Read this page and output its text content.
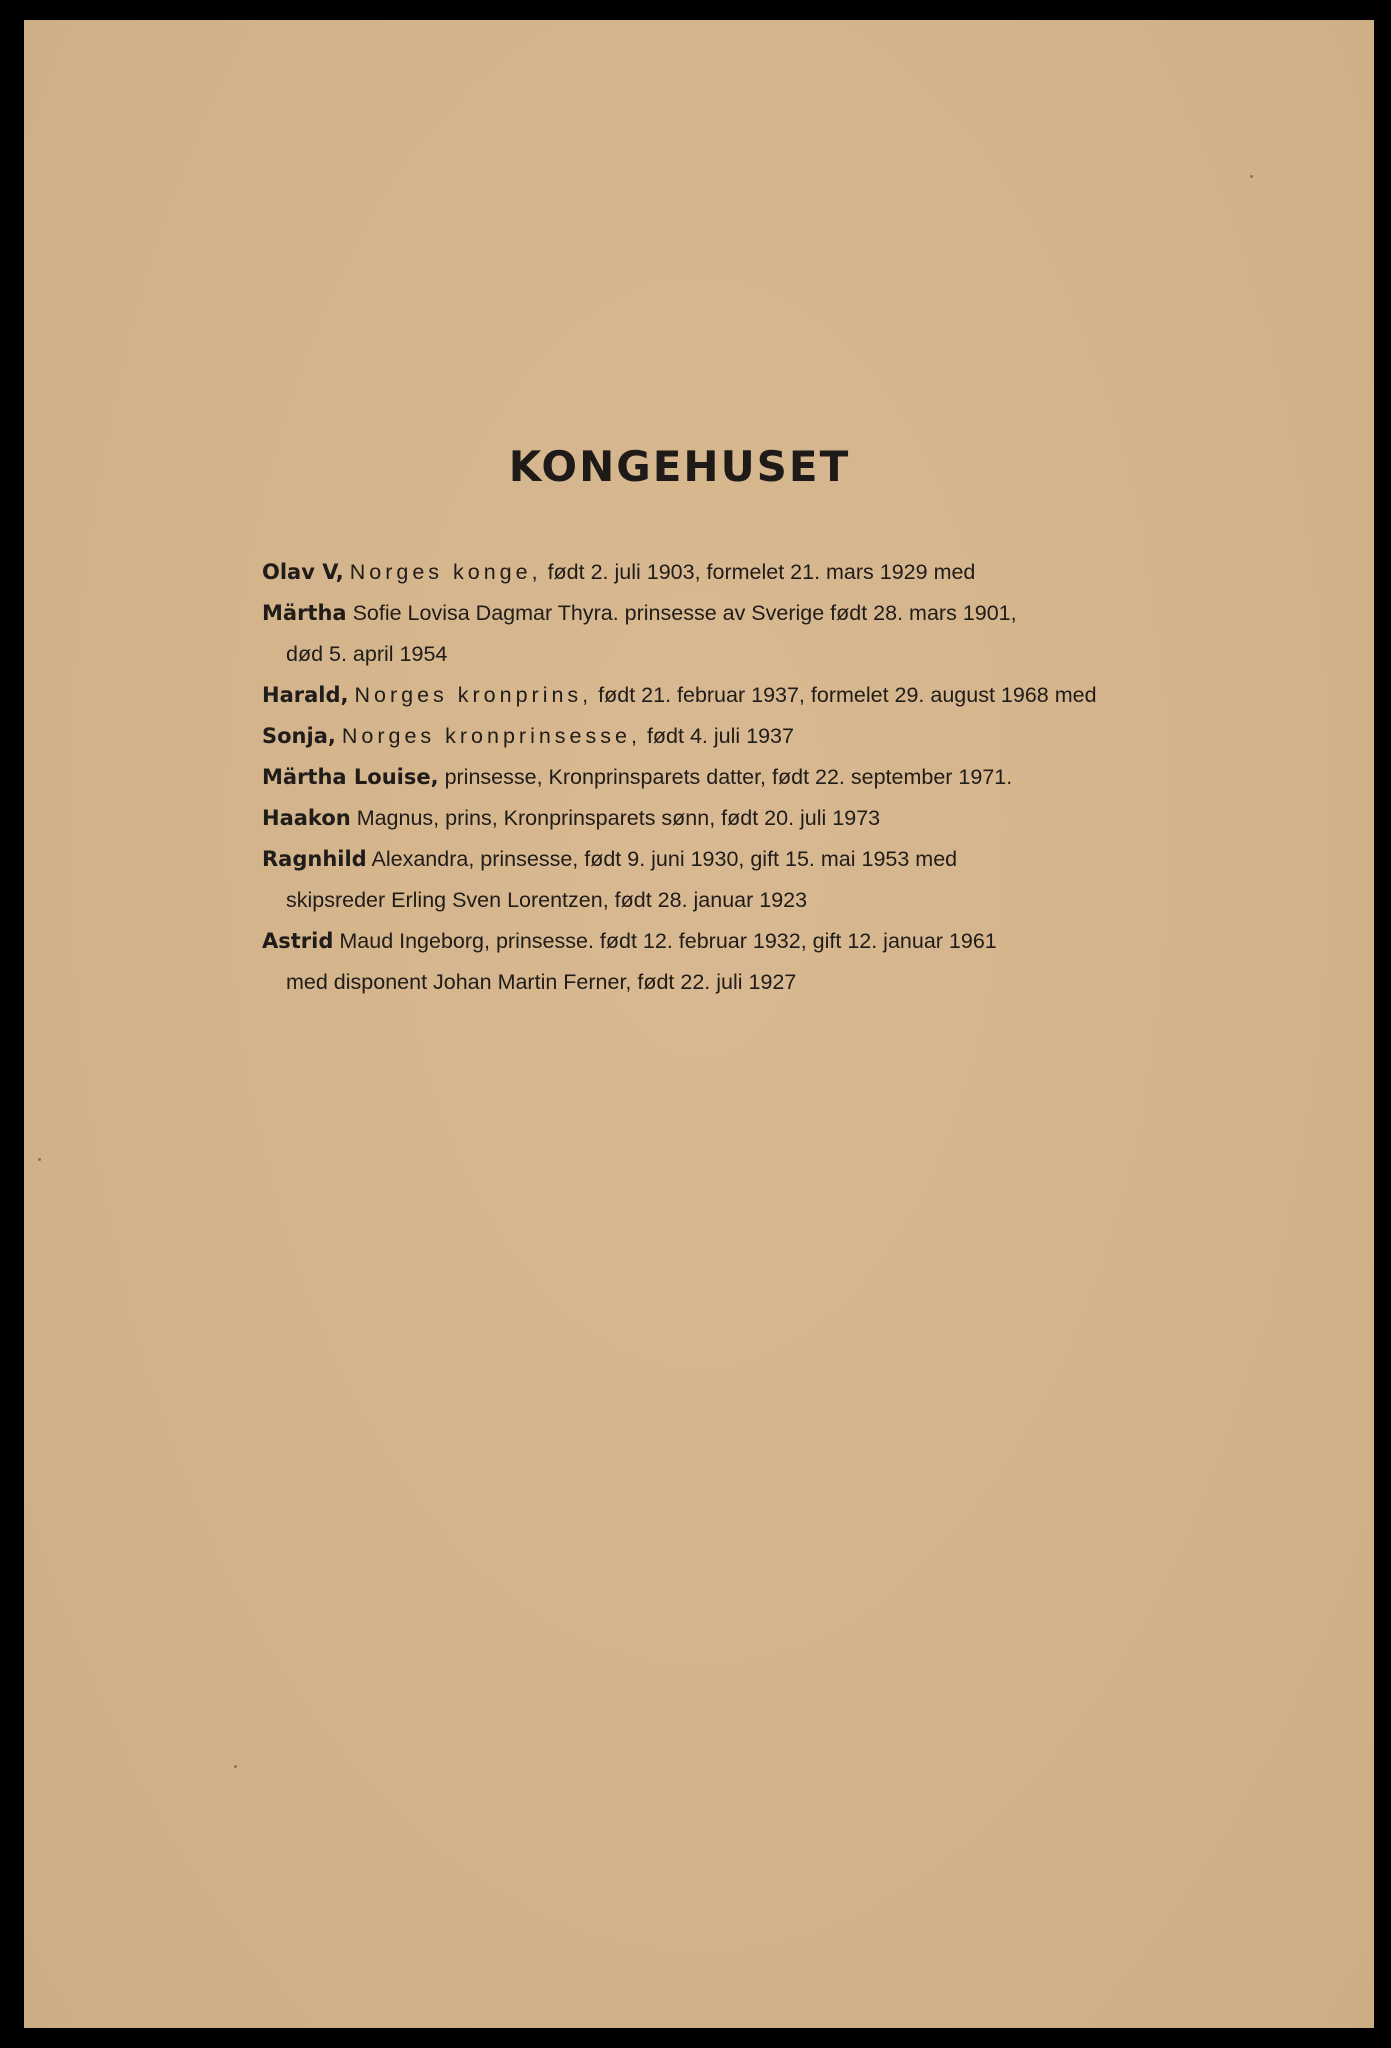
KONGEHUSET
Olav V, Norges konge, født 2. juli 1903, formelet 21. mars 1929 med
Märtha Sofie Lovisa Dagmar Thyra. prinsesse av Sverige født 28. mars 1901,
død 5. april 1954
Harald, Norges kronprins, født 21. februar 1937, formelet 29. august 1968 med
Sonja, Norges kronprinsesse, født 4. juli 1937
Märtha Louise, prinsesse, Kronprinsparets datter, født 22. september 1971.
Haakon Magnus, prins, Kronprinsparets sønn, født 20. juli 1973
Ragnhild Alexandra, prinsesse, født 9. juni 1930, gift 15. mai 1953 med
skipsreder Erling Sven Lorentzen, født 28. januar 1923
Astrid Maud Ingeborg, prinsesse. født 12. februar 1932, gift 12. januar 1961
med disponent Johan Martin Ferner, født 22. juli 1927
